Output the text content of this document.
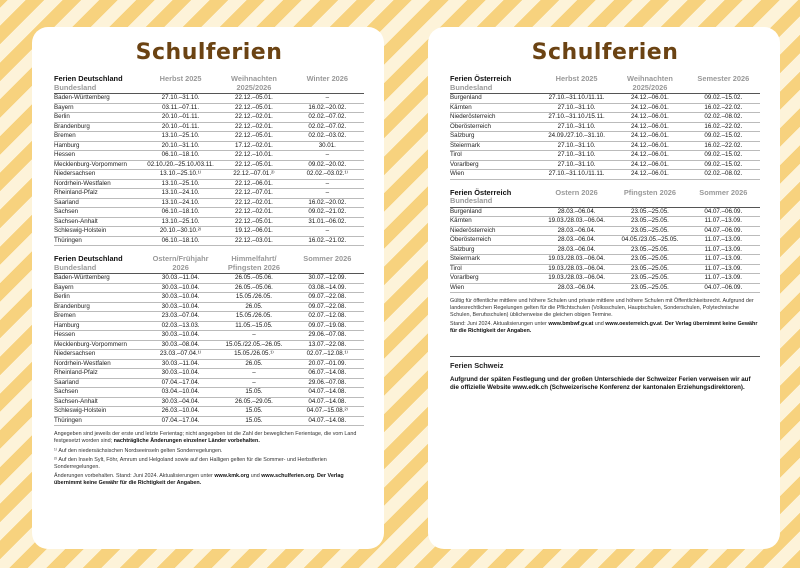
Schulferien
Ferien Deutschland
Bundesland	Herbst 2025	Weihnachten 2025/2026	Winter 2026
Baden-Württemberg	27.10.–31.10.	22.12.–05.01.	–
Bayern	03.11.–07.11.	22.12.–05.01.	16.02.–20.02.
Berlin	20.10.–01.11.	22.12.–02.01.	02.02.–07.02.
Brandenburg	20.10.–01.11.	22.12.–02.01.	02.02.–07.02.
Bremen	13.10.–25.10.	22.12.–05.01.	02.02.–03.02.
Hamburg	20.10.–31.10.	17.12.–02.01.	30.01.
Hessen	06.10.–18.10.	22.12.–10.01.	–
Mecklenburg-Vorpommern	02.10./20.–25.10./03.11.	22.12.–05.01.	09.02.–20.02.
Niedersachsen	13.10.–25.10.¹⁾	22.12.–07.01.²⁾	02.02.–03.02.¹⁾
Nordrhein-Westfalen	13.10.–25.10.	22.12.–06.01.	–
Rheinland-Pfalz	13.10.–24.10.	22.12.–07.01.	–
Saarland	13.10.–24.10.	22.12.–02.01.	16.02.–20.02.
Sachsen	06.10.–18.10.	22.12.–02.01.	09.02.–21.02.
Sachsen-Anhalt	13.10.–25.10.	22.12.–05.01.	31.01.–06.02.
Schleswig-Holstein	20.10.–30.10.²⁾	19.12.–06.01.	–
Thüringen	06.10.–18.10.	22.12.–03.01.	16.02.–21.02.
Ferien Deutschland
Bundesland	Ostern/Frühjahr 2026	Himmelfahrt/ Pfingsten 2026	Sommer 2026
Baden-Württemberg	30.03.–11.04.	26.05.–05.06.	30.07.–12.09.
Bayern	30.03.–10.04.	26.05.–05.06.	03.08.–14.09.
Berlin	30.03.–10.04.	15.05./26.05.	09.07.–22.08.
Brandenburg	30.03.–10.04.	26.05.	09.07.–22.08.
Bremen	23.03.–07.04.	15.05./26.05.	02.07.–12.08.
Hamburg	02.03.–13.03.	11.05.–15.05.	09.07.–19.08.
Hessen	30.03.–10.04.	–	29.06.–07.08.
Mecklenburg-Vorpommern	30.03.–08.04.	15.05./22.05.–26.05.	13.07.–22.08.
Niedersachsen	23.03.–07.04.¹⁾	15.05./26.05.¹⁾	02.07.–12.08.¹⁾
Nordrhein-Westfalen	30.03.–11.04.	26.05.	20.07.–01.09.
Rheinland-Pfalz	30.03.–10.04.	–	06.07.–14.08.
Saarland	07.04.–17.04.	–	29.06.–07.08.
Sachsen	03.04.–10.04.	15.05.	04.07.–14.08.
Sachsen-Anhalt	30.03.–04.04.	26.05.–29.05.	04.07.–14.08.
Schleswig-Holstein	26.03.–10.04.	15.05.	04.07.–15.08.²⁾
Thüringen	07.04.–17.04.	15.05.	04.07.–14.08.

Angegeben sind jeweils der erste und letzte Ferientag; nicht angegeben ist die Zahl der beweglichen Ferientage, die vom Land festgesetzt worden sind; nachträgliche Änderungen einzelner Länder vorbehalten.

¹⁾ Auf den niedersächsischen Nordseeinseln gelten Sonderregelungen.

²⁾ Auf den Inseln Sylt, Föhr, Amrum und Helgoland sowie auf den Halligen gelten für die Sommer- und Herbstferien Sonderregelungen.

Änderungen vorbehalten. Stand: Juni 2024. Aktualisierungen unter www.kmk.org und www.schulferien.org. Der Verlag übernimmt keine Gewähr für die Richtigkeit der Angaben.

Schulferien
Ferien Österreich
Bundesland	Herbst 2025	Weihnachten 2025/2026	Semester 2026
Burgenland	27.10.–31.10./11.11.	24.12.–06.01.	09.02.–15.02.
Kärnten	27.10.–31.10.	24.12.–06.01.	16.02.–22.02.
Niederösterreich	27.10.–31.10./15.11.	24.12.–06.01.	02.02.–08.02.
Oberösterreich	27.10.–31.10.	24.12.–06.01.	16.02.–22.02.
Salzburg	24.09./27.10.–31.10.	24.12.–06.01.	09.02.–15.02.
Steiermark	27.10.–31.10.	24.12.–06.01.	16.02.–22.02.
Tirol	27.10.–31.10.	24.12.–06.01.	09.02.–15.02.
Vorarlberg	27.10.–31.10.	24.12.–06.01.	09.02.–15.02.
Wien	27.10.–31.10./11.11.	24.12.–06.01.	02.02.–08.02.
Ferien Österreich
Bundesland	Ostern 2026	Pfingsten 2026	Sommer 2026
Burgenland	28.03.–06.04.	23.05.–25.05.	04.07.–06.09.
Kärnten	19.03./28.03.–06.04.	23.05.–25.05.	11.07.–13.09.
Niederösterreich	28.03.–06.04.	23.05.–25.05.	04.07.–06.09.
Oberösterreich	28.03.–06.04.	04.05./23.05.–25.05.	11.07.–13.09.
Salzburg	28.03.–06.04.	23.05.–25.05.	11.07.–13.09.
Steiermark	19.03./28.03.–06.04.	23.05.–25.05.	11.07.–13.09.
Tirol	19.03./28.03.–06.04.	23.05.–25.05.	11.07.–13.09.
Vorarlberg	19.03./28.03.–06.04.	23.05.–25.05.	11.07.–13.09.
Wien	28.03.–06.04.	23.05.–25.05.	04.07.–06.09.

Gültig für öffentliche mittlere und höhere Schulen und private mittlere und höhere Schulen mit Öffentlichkeitsrecht. Aufgrund der landesrechtlichen Regelungen gelten für die Pflichtschulen (Volksschulen, Hauptschulen, Sonderschulen, Polytechnische Schulen, Berufsschulen) üblicherweise die gleichen obigen Termine.

Stand: Juni 2024. Aktualisierungen unter www.bmbwf.gv.at und www.oesterreich.gv.at. Der Verlag übernimmt keine Gewähr für die Richtigkeit der Angaben.

Ferien Schweiz
Aufgrund der späten Festlegung und der großen Unterschiede der Schweizer Ferien verweisen wir auf die offizielle Website www.edk.ch (Schweizerische Konferenz der kantonalen Erziehungsdirektoren).
